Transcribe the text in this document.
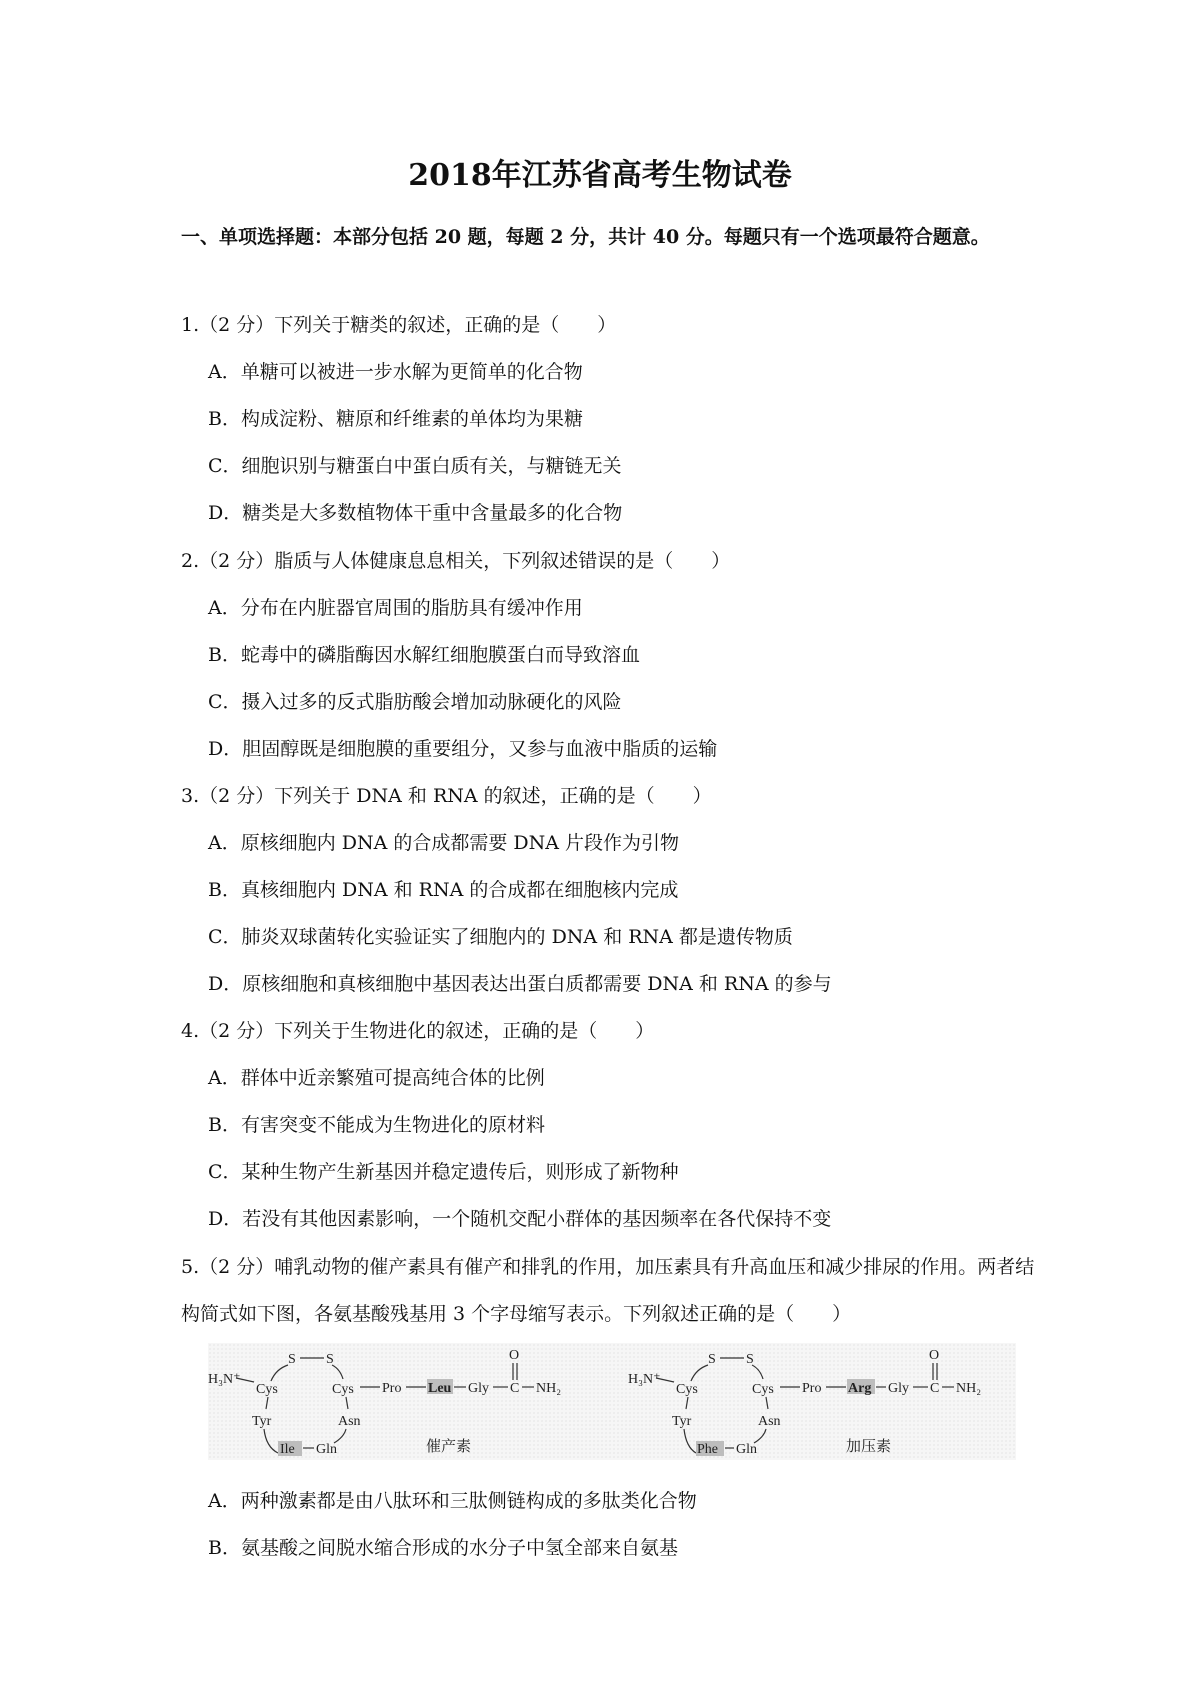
2018年江苏省高考生物试卷
一、单项选择题：本部分包括 20 题，每题 2 分，共计 40 分。每题只有一个选项最符合题意。
1.（2 分）下列关于糖类的叙述，正确的是（　　）
A．单糖可以被进一步水解为更简单的化合物
B．构成淀粉、糖原和纤维素的单体均为果糖
C．细胞识别与糖蛋白中蛋白质有关，与糖链无关
D．糖类是大多数植物体干重中含量最多的化合物
2.（2 分）脂质与人体健康息息相关，下列叙述错误的是（　　）
A．分布在内脏器官周围的脂肪具有缓冲作用
B．蛇毒中的磷脂酶因水解红细胞膜蛋白而导致溶血
C．摄入过多的反式脂肪酸会增加动脉硬化的风险
D．胆固醇既是细胞膜的重要组分，又参与血液中脂质的运输
3.（2 分）下列关于 DNA 和 RNA 的叙述，正确的是（　　）
A．原核细胞内 DNA 的合成都需要 DNA 片段作为引物
B．真核细胞内 DNA 和 RNA 的合成都在细胞核内完成
C．肺炎双球菌转化实验证实了细胞内的 DNA 和 RNA 都是遗传物质
D．原核细胞和真核细胞中基因表达出蛋白质都需要 DNA 和 RNA 的参与
4.（2 分）下列关于生物进化的叙述，正确的是（　　）
A．群体中近亲繁殖可提高纯合体的比例
B．有害突变不能成为生物进化的原材料
C．某种生物产生新基因并稳定遗传后，则形成了新物种
D．若没有其他因素影响，一个随机交配小群体的基因频率在各代保持不变
5.（2 分）哺乳动物的催产素具有催产和排乳的作用，加压素具有升高血压和减少排尿的作用。两者结构简式如下图，各氨基酸残基用 3 个字母缩写表示。下列叙述正确的是（　　）
H₃N⁺
S S
Cys	Cys
Tyr
Ile Gln
Asn
Pro Leu Gly C
O
NH₂
催产素
H₃N⁺
S S
Cys	Cys
Tyr
Phe Gln
Asn
Pro Arg Gly C
O
NH₂
加压素
A．两种激素都是由八肽环和三肽侧链构成的多肽类化合物
B．氨基酸之间脱水缩合形成的水分子中氢全部来自氨基
